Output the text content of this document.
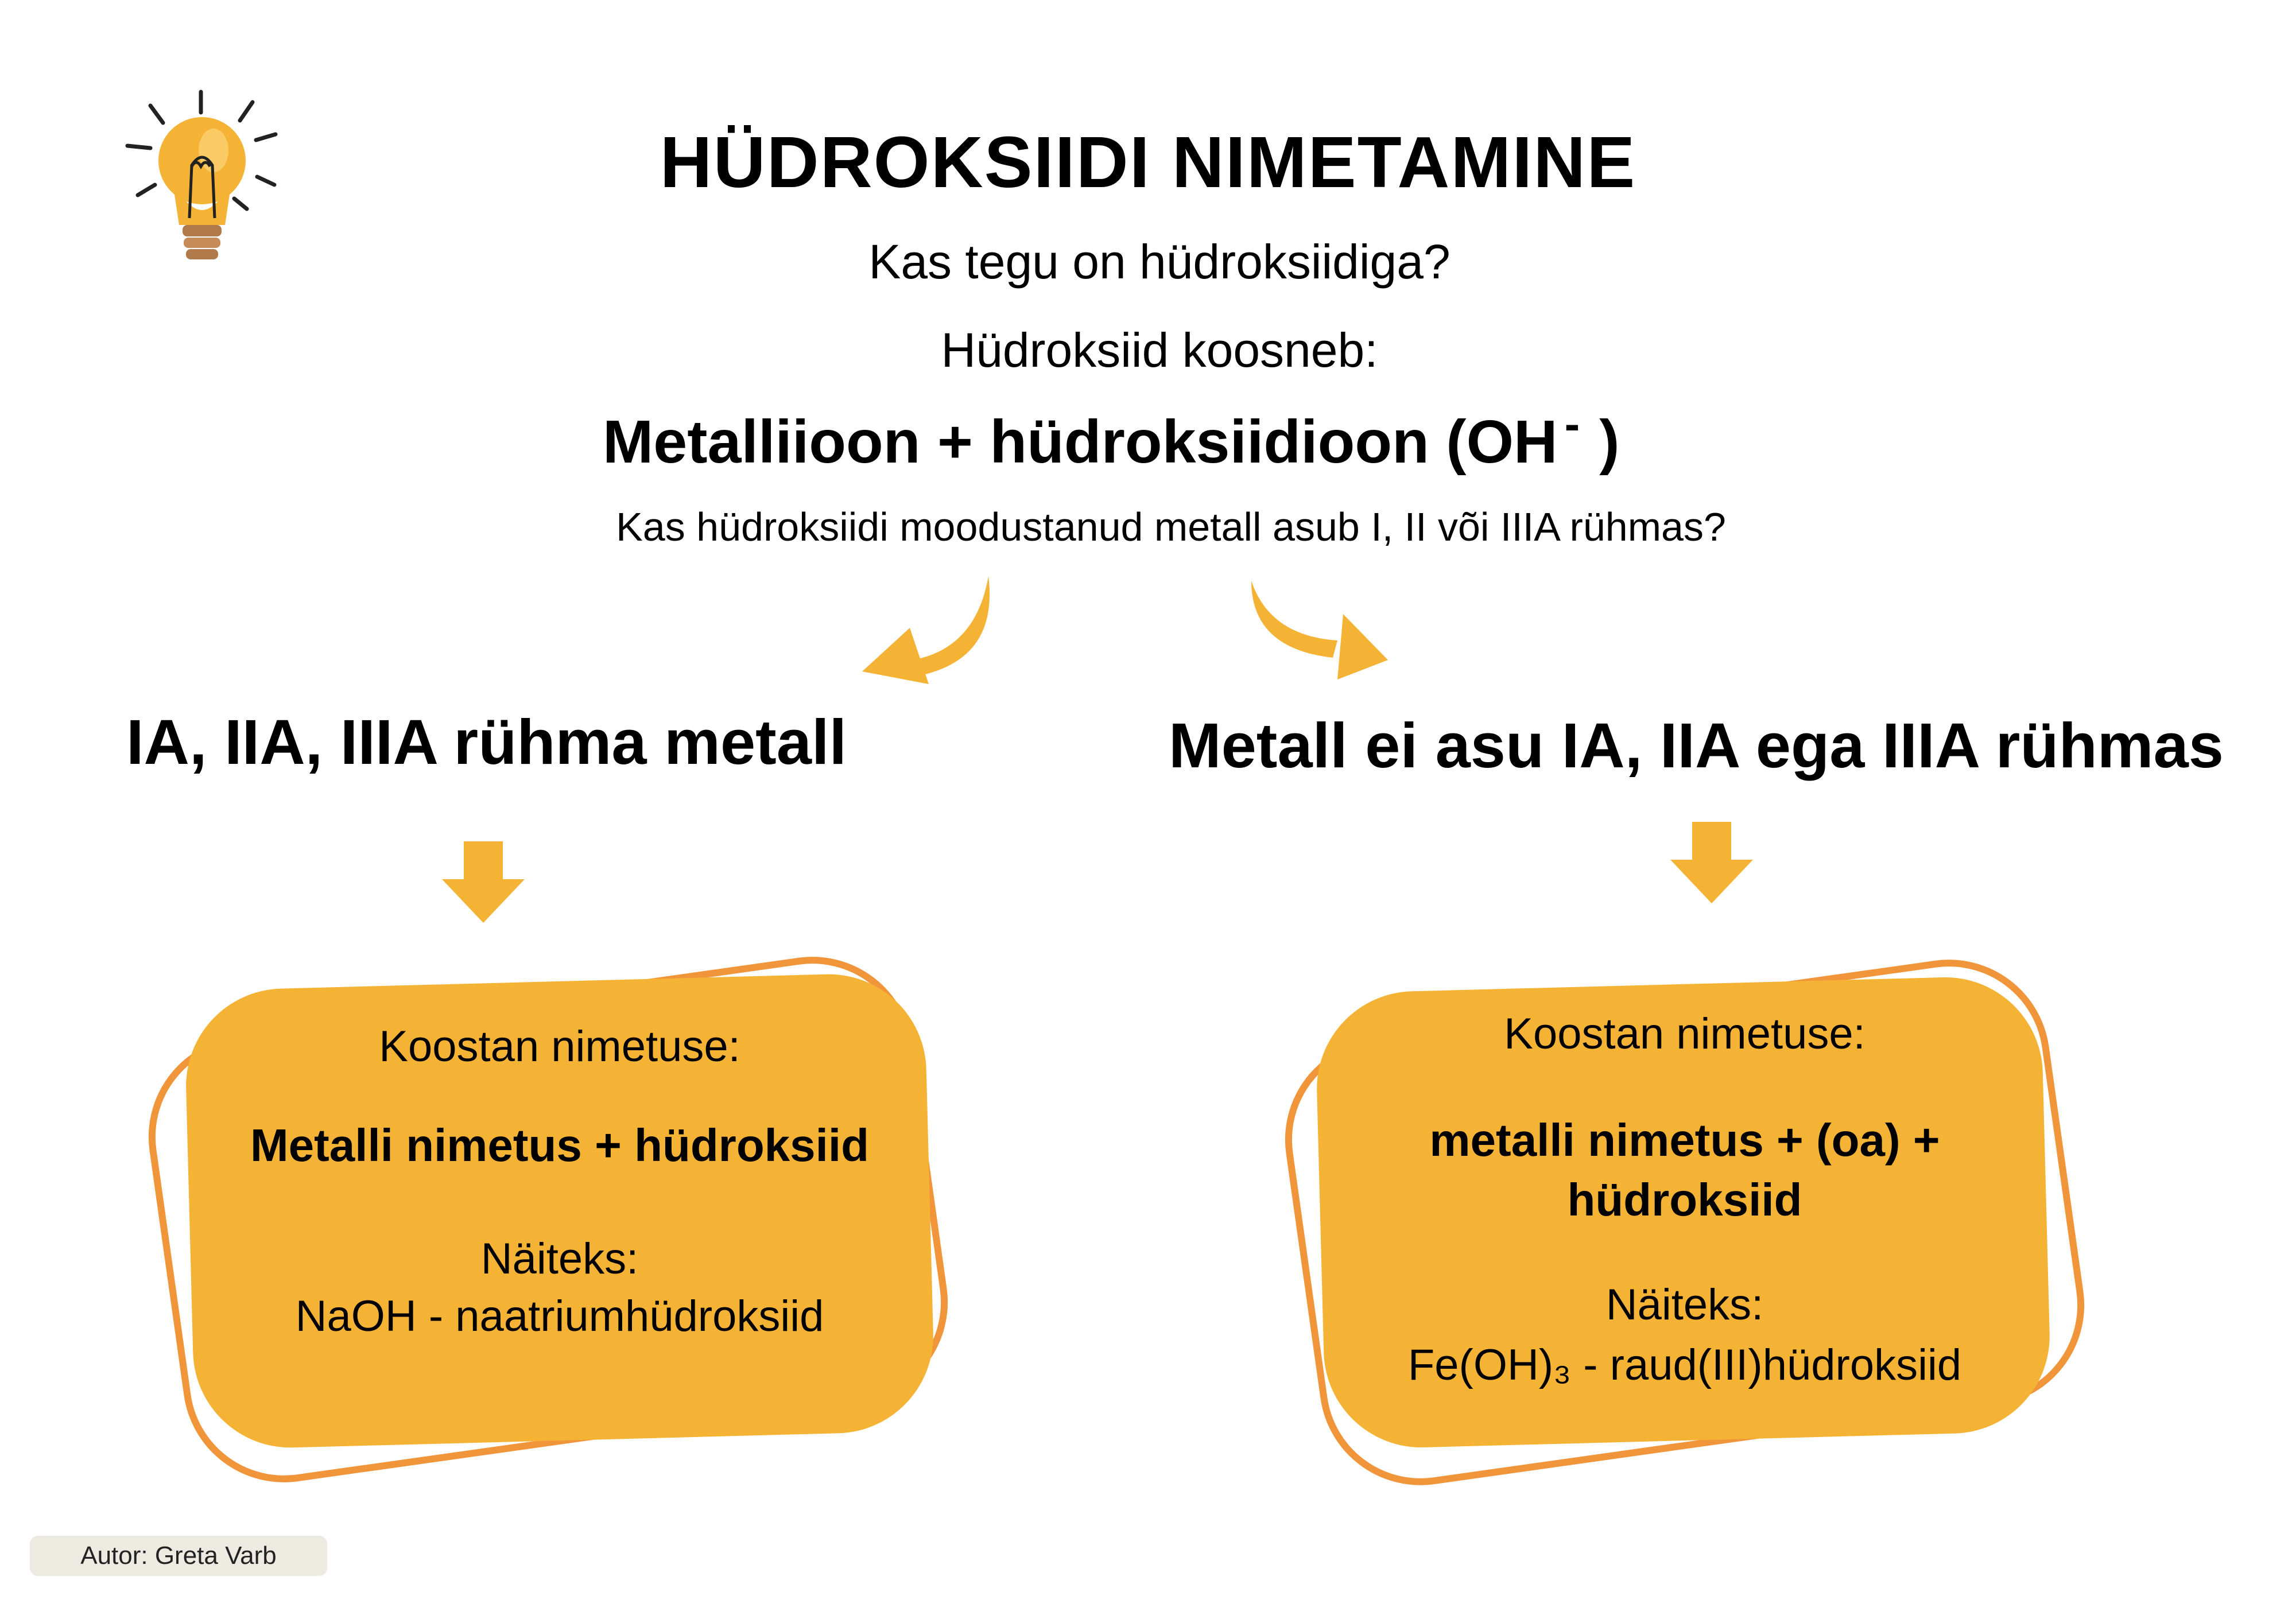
HÜDROKSIIDI NIMETAMINE
Kas tegu on hüdroksiidiga?
Hüdroksiid koosneb:
Metalliioon + hüdroksiidioon (OH - )
Kas hüdroksiidi moodustanud metall asub I, II või IIIA rühmas?
IA, IIA, IIIA rühma metall	Metall ei asu IA, IIA ega IIIA rühmas
Koostan nimetuse:
Metalli nimetus + hüdroksiid
Näiteks:
NaOH - naatriumhüdroksiid
Koostan nimetuse:
metalli nimetus + (oa) + hüdroksiid
Näiteks:
Fe(OH)₃ - raud(III)hüdroksiid
Autor: Greta Varb
